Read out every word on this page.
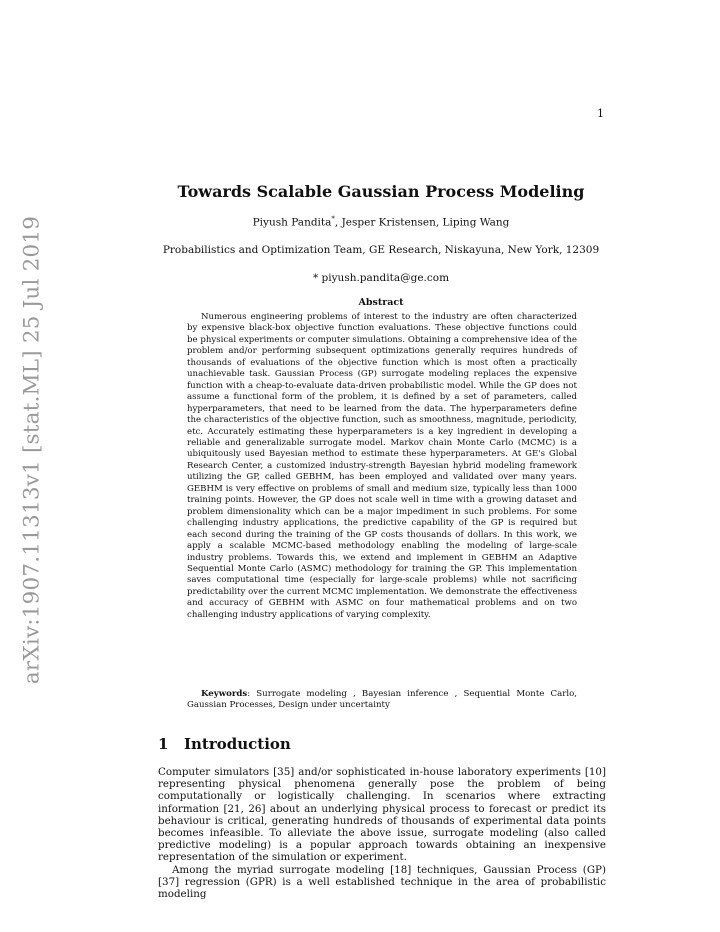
1
arXiv:1907.11313v1 [stat.ML] 25 Jul 2019
Towards Scalable Gaussian Process Modeling
Piyush Pandita*, Jesper Kristensen, Liping Wang
Probabilistics and Optimization Team, GE Research, Niskayuna, New York, 12309
* piyush.pandita@ge.com
Abstract
Numerous engineering problems of interest to the industry are often characterized by expensive black-box objective function evaluations. These objective functions could be physical experiments or computer simulations. Obtaining a comprehensive idea of the problem and/or performing subsequent optimizations generally requires hundreds of thousands of evaluations of the objective function which is most often a practically unachievable task. Gaussian Process (GP) surrogate modeling replaces the expensive function with a cheap-to-evaluate data-driven probabilistic model. While the GP does not assume a functional form of the problem, it is defined by a set of parameters, called hyperparameters, that need to be learned from the data. The hyperparameters define the characteristics of the objective function, such as smoothness, magnitude, periodicity, etc. Accurately estimating these hyperparameters is a key ingredient in developing a reliable and generalizable surrogate model. Markov chain Monte Carlo (MCMC) is a ubiquitously used Bayesian method to estimate these hyperparameters. At GE's Global Research Center, a customized industry-strength Bayesian hybrid modeling framework utilizing the GP, called GEBHM, has been employed and validated over many years. GEBHM is very effective on problems of small and medium size, typically less than 1000 training points. However, the GP does not scale well in time with a growing dataset and problem dimensionality which can be a major impediment in such problems. For some challenging industry applications, the predictive capability of the GP is required but each second during the training of the GP costs thousands of dollars. In this work, we apply a scalable MCMC-based methodology enabling the modeling of large-scale industry problems. Towards this, we extend and implement in GEBHM an Adaptive Sequential Monte Carlo (ASMC) methodology for training the GP. This implementation saves computational time (especially for large-scale problems) while not sacrificing predictability over the current MCMC implementation. We demonstrate the effectiveness and accuracy of GEBHM with ASMC on four mathematical problems and on two challenging industry applications of varying complexity.
Keywords: Surrogate modeling , Bayesian inference , Sequential Monte Carlo, Gaussian Processes, Design under uncertainty
1 Introduction

Computer simulators [35] and/or sophisticated in-house laboratory experiments [10] representing physical phenomena generally pose the problem of being computationally or logistically challenging. In scenarios where extracting information [21, 26] about an underlying physical process to forecast or predict its behaviour is critical, generating hundreds of thousands of experimental data points becomes infeasible. To alleviate the above issue, surrogate modeling (also called predictive modeling) is a popular approach towards obtaining an inexpensive representation of the simulation or experiment.

Among the myriad surrogate modeling [18] techniques, Gaussian Process (GP) [37] regression (GPR) is a well established technique in the area of probabilistic modeling
